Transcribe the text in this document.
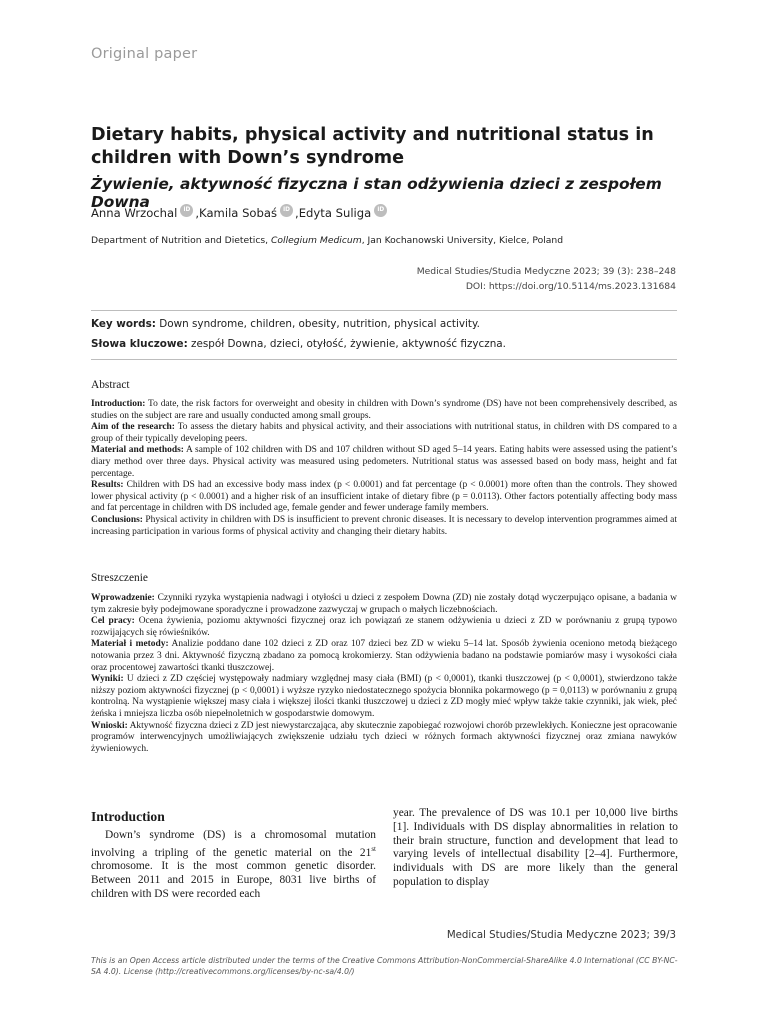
Original paper
Dietary habits, physical activity and nutritional status in children with Down’s syndrome
Żywienie, aktywność fizyczna i stan odżywienia dzieci z zespołem Downa
Anna Wrzochal	iD , Kamila Sobaś	iD , Edyta Suliga	iD
Department of Nutrition and Dietetics, Collegium Medicum, Jan Kochanowski University, Kielce, Poland
Medical Studies/Studia Medyczne 2023; 39 (3): 238–248
DOI: https://doi.org/10.5114/ms.2023.131684
Key words: Down syndrome, children, obesity, nutrition, physical activity.
Słowa kluczowe: zespół Downa, dzieci, otyłość, żywienie, aktywność fizyczna.
Abstract

Introduction: To date, the risk factors for overweight and obesity in children with Down’s syndrome (DS) have not been comprehensively described, as studies on the subject are rare and usually conducted among small groups.

Aim of the research: To assess the dietary habits and physical activity, and their associations with nutritional status, in children with DS compared to a group of their typically developing peers.

Material and methods: A sample of 102 children with DS and 107 children without SD aged 5–14 years. Eating habits were assessed using the patient’s diary method over three days. Physical activity was measured using pedometers. Nutritional status was assessed based on body mass, height and fat percentage.

Results: Children with DS had an excessive body mass index (p < 0.0001) and fat percentage (p < 0.0001) more often than the controls. They showed lower physical activity (p < 0.0001) and a higher risk of an insufficient intake of dietary fibre (p = 0.0113). Other factors potentially affecting body mass and fat percentage in children with DS included age, female gender and fewer underage family members.

Conclusions: Physical activity in children with DS is insufficient to prevent chronic diseases. It is necessary to develop intervention programmes aimed at increasing participation in various forms of physical activity and changing their dietary habits.

Streszczenie

Wprowadzenie: Czynniki ryzyka wystąpienia nadwagi i otyłości u dzieci z zespołem Downa (ZD) nie zostały dotąd wyczerpująco opisane, a badania w tym zakresie były podejmowane sporadyczne i prowadzone zazwyczaj w grupach o małych liczebnościach.

Cel pracy: Ocena żywienia, poziomu aktywności fizycznej oraz ich powiązań ze stanem odżywienia u dzieci z ZD w porównaniu z grupą typowo rozwijających się rówieśników.

Materiał i metody: Analizie poddano dane 102 dzieci z ZD oraz 107 dzieci bez ZD w wieku 5–14 lat. Sposób żywienia oceniono metodą bieżącego notowania przez 3 dni. Aktywność fizyczną zbadano za pomocą krokomierzy. Stan odżywienia badano na podstawie pomiarów masy i wysokości ciała oraz procentowej zawartości tkanki tłuszczowej.

Wyniki: U dzieci z ZD częściej występowały nadmiary względnej masy ciała (BMI) (p < 0,0001), tkanki tłuszczowej (p < 0,0001), stwierdzono także niższy poziom aktywności fizycznej (p < 0,0001) i wyższe ryzyko niedostatecznego spożycia błonnika pokarmowego (p = 0,0113) w porównaniu z grupą kontrolną. Na wystąpienie większej masy ciała i większej ilości tkanki tłuszczowej u dzieci z ZD mogły mieć wpływ także takie czynniki, jak wiek, płeć żeńska i mniejsza liczba osób niepełnoletnich w gospodarstwie domowym.

Wnioski: Aktywność fizyczna dzieci z ZD jest niewystarczająca, aby skutecznie zapobiegać rozwojowi chorób przewlekłych. Konieczne jest opracowanie programów interwencyjnych umożliwiających zwiększenie udziału tych dzieci w różnych formach aktywności fizycznej oraz zmiana nawyków żywieniowych.

Introduction

Down’s syndrome (DS) is a chromosomal mutation involving a tripling of the genetic material on the 21st chromosome. It is the most common genetic disorder. Between 2011 and 2015 in Europe, 8031 live births of children with DS were recorded each

year. The prevalence of DS was 10.1 per 10,000 live births [1]. Individuals with DS display abnormalities in relation to their brain structure, function and development that lead to varying levels of intellectual disability [2–4]. Furthermore, individuals with DS are more likely than the general population to display

Medical Studies/Studia Medyczne 2023; 39/3
This is an Open Access article distributed under the terms of the Creative Commons Attribution-NonCommercial-ShareAlike 4.0 International (CC BY-NC-SA 4.0). License (http://creativecommons.org/licenses/by-nc-sa/4.0/)
